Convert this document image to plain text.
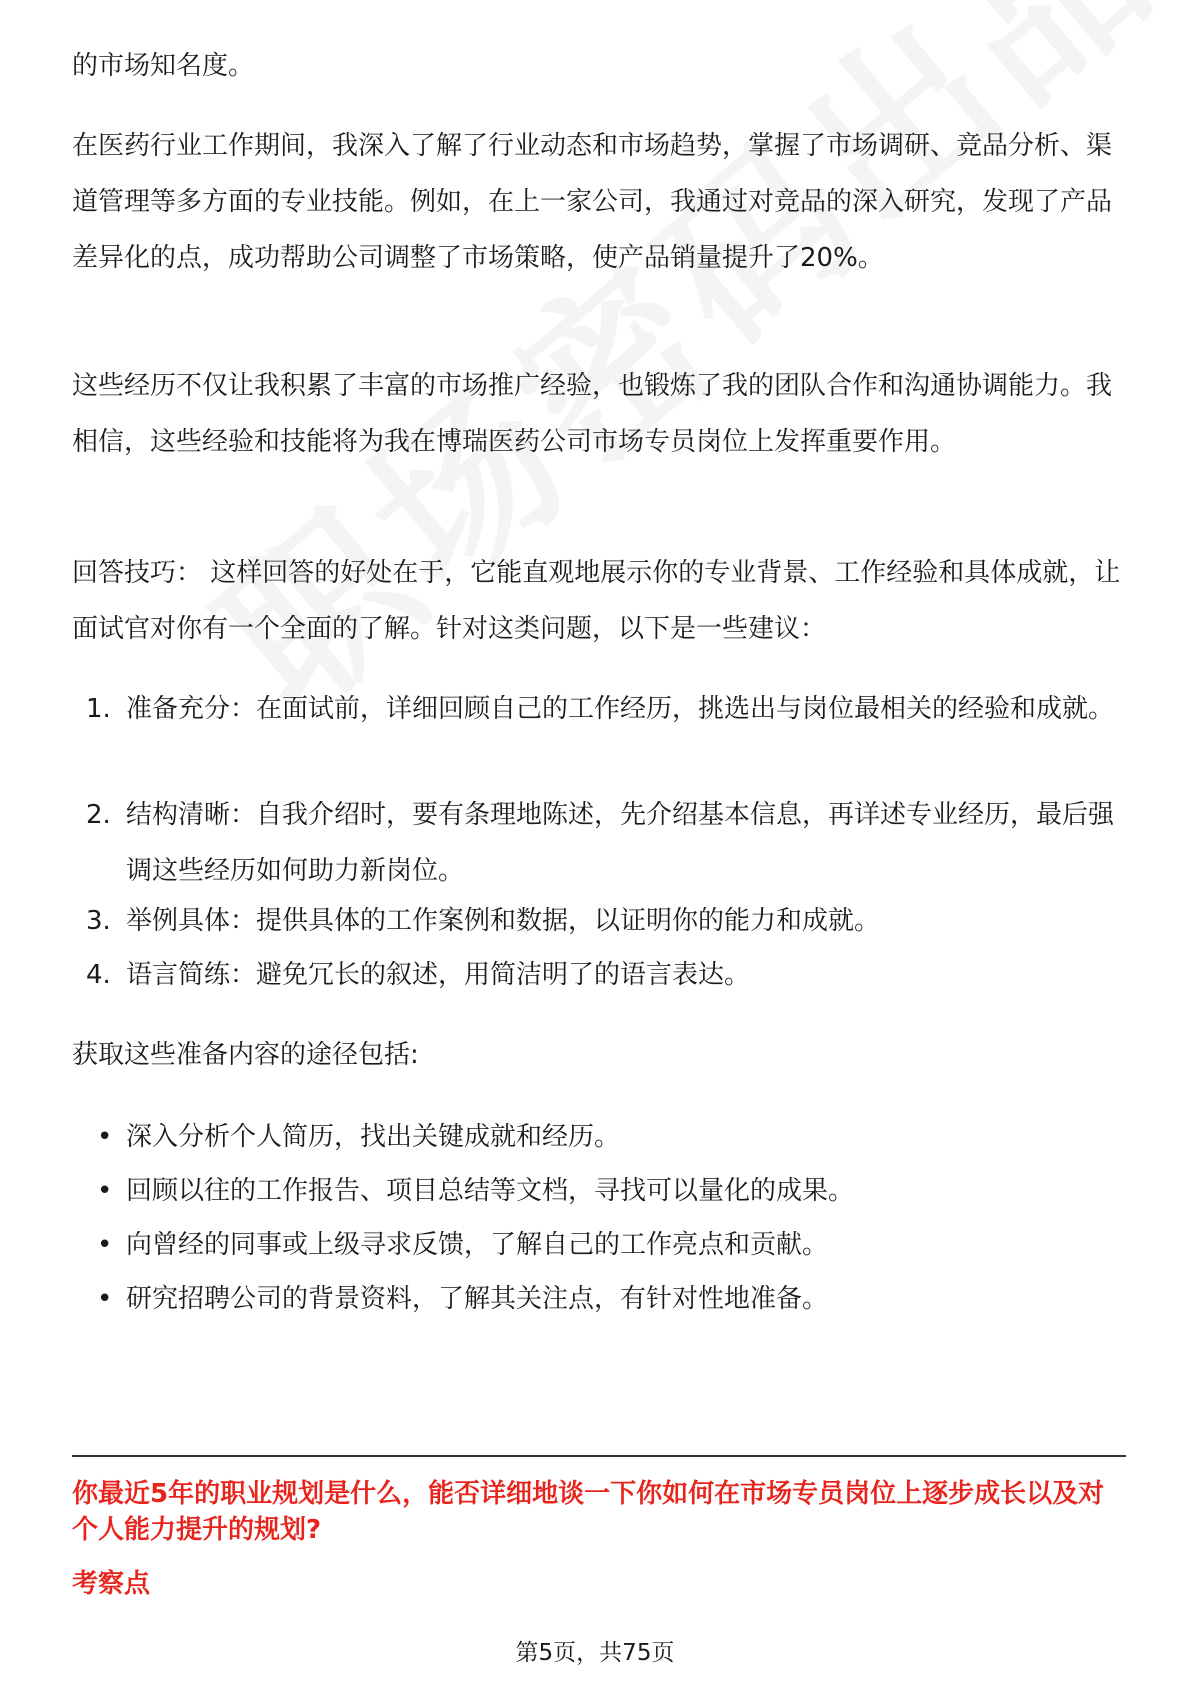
的市场知名度。

在医药行业工作期间，我深入了解了行业动态和市场趋势，掌握了市场调研、竞品分析、渠道管理等多方面的专业技能。例如，在上一家公司，我通过对竞品的深入研究，发现了产品差异化的点，成功帮助公司调整了市场策略，使产品销量提升了20%。

这些经历不仅让我积累了丰富的市场推广经验，也锻炼了我的团队合作和沟通协调能力。我相信，这些经验和技能将为我在博瑞医药公司市场专员岗位上发挥重要作用。

回答技巧： 这样回答的好处在于，它能直观地展示你的专业背景、工作经验和具体成就，让面试官对你有一个全面的了解。针对这类问题，以下是一些建议：

1. 准备充分：在面试前，详细回顾自己的工作经历，挑选出与岗位最相关的经验和成就。
2. 结构清晰：自我介绍时，要有条理地陈述，先介绍基本信息，再详述专业经历，最后强调这些经历如何助力新岗位。
3. 举例具体：提供具体的工作案例和数据，以证明你的能力和成就。
4. 语言简练：避免冗长的叙述，用简洁明了的语言表达。

获取这些准备内容的途径包括:

• 深入分析个人简历，找出关键成就和经历。
• 回顾以往的工作报告、项目总结等文档，寻找可以量化的成果。
• 向曾经的同事或上级寻求反馈，了解自己的工作亮点和贡献。
• 研究招聘公司的背景资料，了解其关注点，有针对性地准备。

你最近5年的职业规划是什么，能否详细地谈一下你如何在市场专员岗位上逐步成长以及对个人能力提升的规划?

考察点

第5页，共75页
